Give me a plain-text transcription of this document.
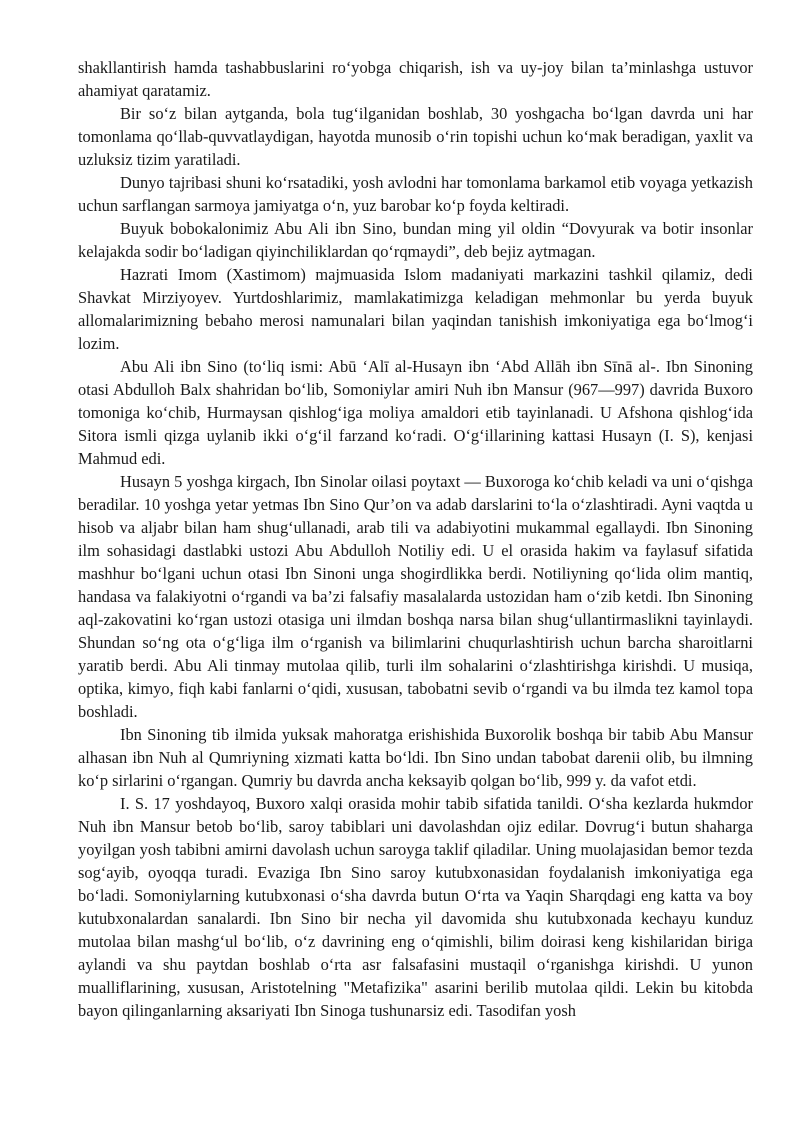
shakllantirish hamda tashabbuslarini ro‘yobga chiqarish, ish va uy-joy bilan ta’minlashga ustuvor ahamiyat qaratamiz.

Bir so‘z bilan aytganda, bola tug‘ilganidan boshlab, 30 yoshgacha bo‘lgan davrda uni har tomonlama qo‘llab-quvvatlaydigan, hayotda munosib o‘rin topishi uchun ko‘mak beradigan, yaxlit va uzluksiz tizim yaratiladi.

Dunyo tajribasi shuni ko‘rsatadiki, yosh avlodni har tomonlama barkamol etib voyaga yetkazish uchun sarflangan sarmoya jamiyatga o‘n, yuz barobar ko‘p foyda keltiradi.

Buyuk bobokalonimiz Abu Ali ibn Sino, bundan ming yil oldin “Dovyurak va botir insonlar kelajakda sodir bo‘ladigan qiyinchiliklardan qo‘rqmaydi”, deb bejiz aytmagan.

Hazrati Imom (Xastimom) majmuasida Islom madaniyati markazini tashkil qilamiz, dedi Shavkat Mirziyoyev. Yurtdoshlarimiz, mamlakatimizga keladigan mehmonlar bu yerda buyuk allomalarimizning bebaho merosi namunalari bilan yaqindan tanishish imkoniyatiga ega bo‘lmog‘i lozim.

Abu Ali ibn Sino (to‘liq ismi: Abū ‘Alī al-Husayn ibn ‘Abd Allāh ibn Sīnā al-. Ibn Sinoning otasi Abdulloh Balx shahridan bo‘lib, Somoniylar amiri Nuh ibn Mansur (967—997) davrida Buxoro tomoniga ko‘chib, Hurmaysan qishlog‘iga moliya amaldori etib tayinlanadi. U Afshona qishlog‘ida Sitora ismli qizga uylanib ikki o‘g‘il farzand ko‘radi. O‘g‘illarining kattasi Husayn (I. S), kenjasi Mahmud edi.

Husayn 5 yoshga kirgach, Ibn Sinolar oilasi poytaxt — Buxoroga ko‘chib keladi va uni o‘qishga beradilar. 10 yoshga yetar yetmas Ibn Sino Qur’on va adab darslarini to‘la o‘zlashtiradi. Ayni vaqtda u hisob va aljabr bilan ham shug‘ullanadi, arab tili va adabiyotini mukammal egallaydi. Ibn Sinoning ilm sohasidagi dastlabki ustozi Abu Abdulloh Notiliy edi. U el orasida hakim va faylasuf sifatida mashhur bo‘lgani uchun otasi Ibn Sinoni unga shogirdlikka berdi. Notiliyning qo‘lida olim mantiq, handasa va falakiyotni o‘rgandi va ba’zi falsafiy masalalarda ustozidan ham o‘zib ketdi. Ibn Sinoning aql-zakovatini ko‘rgan ustozi otasiga uni ilmdan boshqa narsa bilan shug‘ullantirmaslikni tayinlaydi. Shundan so‘ng ota o‘g‘liga ilm o‘rganish va bilimlarini chuqurlashtirish uchun barcha sharoitlarni yaratib berdi. Abu Ali tinmay mutolaa qilib, turli ilm sohalarini o‘zlashtirishga kirishdi. U musiqa, optika, kimyo, fiqh kabi fanlarni o‘qidi, xususan, tabobatni sevib o‘rgandi va bu ilmda tez kamol topa boshladi.

Ibn Sinoning tib ilmida yuksak mahoratga erishishida Buxorolik boshqa bir tabib Abu Mansur alhasan ibn Nuh al Qumriyning xizmati katta bo‘ldi. Ibn Sino undan tabobat darenii olib, bu ilmning ko‘p sirlarini o‘rgangan. Qumriy bu davrda ancha keksayib qolgan bo‘lib, 999 y. da vafot etdi.

I. S. 17 yoshdayoq, Buxoro xalqi orasida mohir tabib sifatida tanildi. O‘sha kezlarda hukmdor Nuh ibn Mansur betob bo‘lib, saroy tabiblari uni davolashdan ojiz edilar. Dovrug‘i butun shaharga yoyilgan yosh tabibni amirni davolash uchun saroyga taklif qiladilar. Uning muolajasidan bemor tezda sog‘ayib, oyoqqa turadi. Evaziga Ibn Sino saroy kutubxonasidan foydalanish imkoniyatiga ega bo‘ladi. Somoniylarning kutubxonasi o‘sha davrda butun O‘rta va Yaqin Sharqdagi eng katta va boy kutubxonalardan sanalardi. Ibn Sino bir necha yil davomida shu kutubxonada kechayu kunduz mutolaa bilan mashg‘ul bo‘lib, o‘z davrining eng o‘qimishli, bilim doirasi keng kishilaridan biriga aylandi va shu paytdan boshlab o‘rta asr falsafasini mustaqil o‘rganishga kirishdi. U yunon mualliflarining, xususan, Aristotelning "Metafizika" asarini berilib mutolaa qildi. Lekin bu kitobda bayon qilinganlarning aksariyati Ibn Sinoga tushunarsiz edi. Tasodifan yosh
